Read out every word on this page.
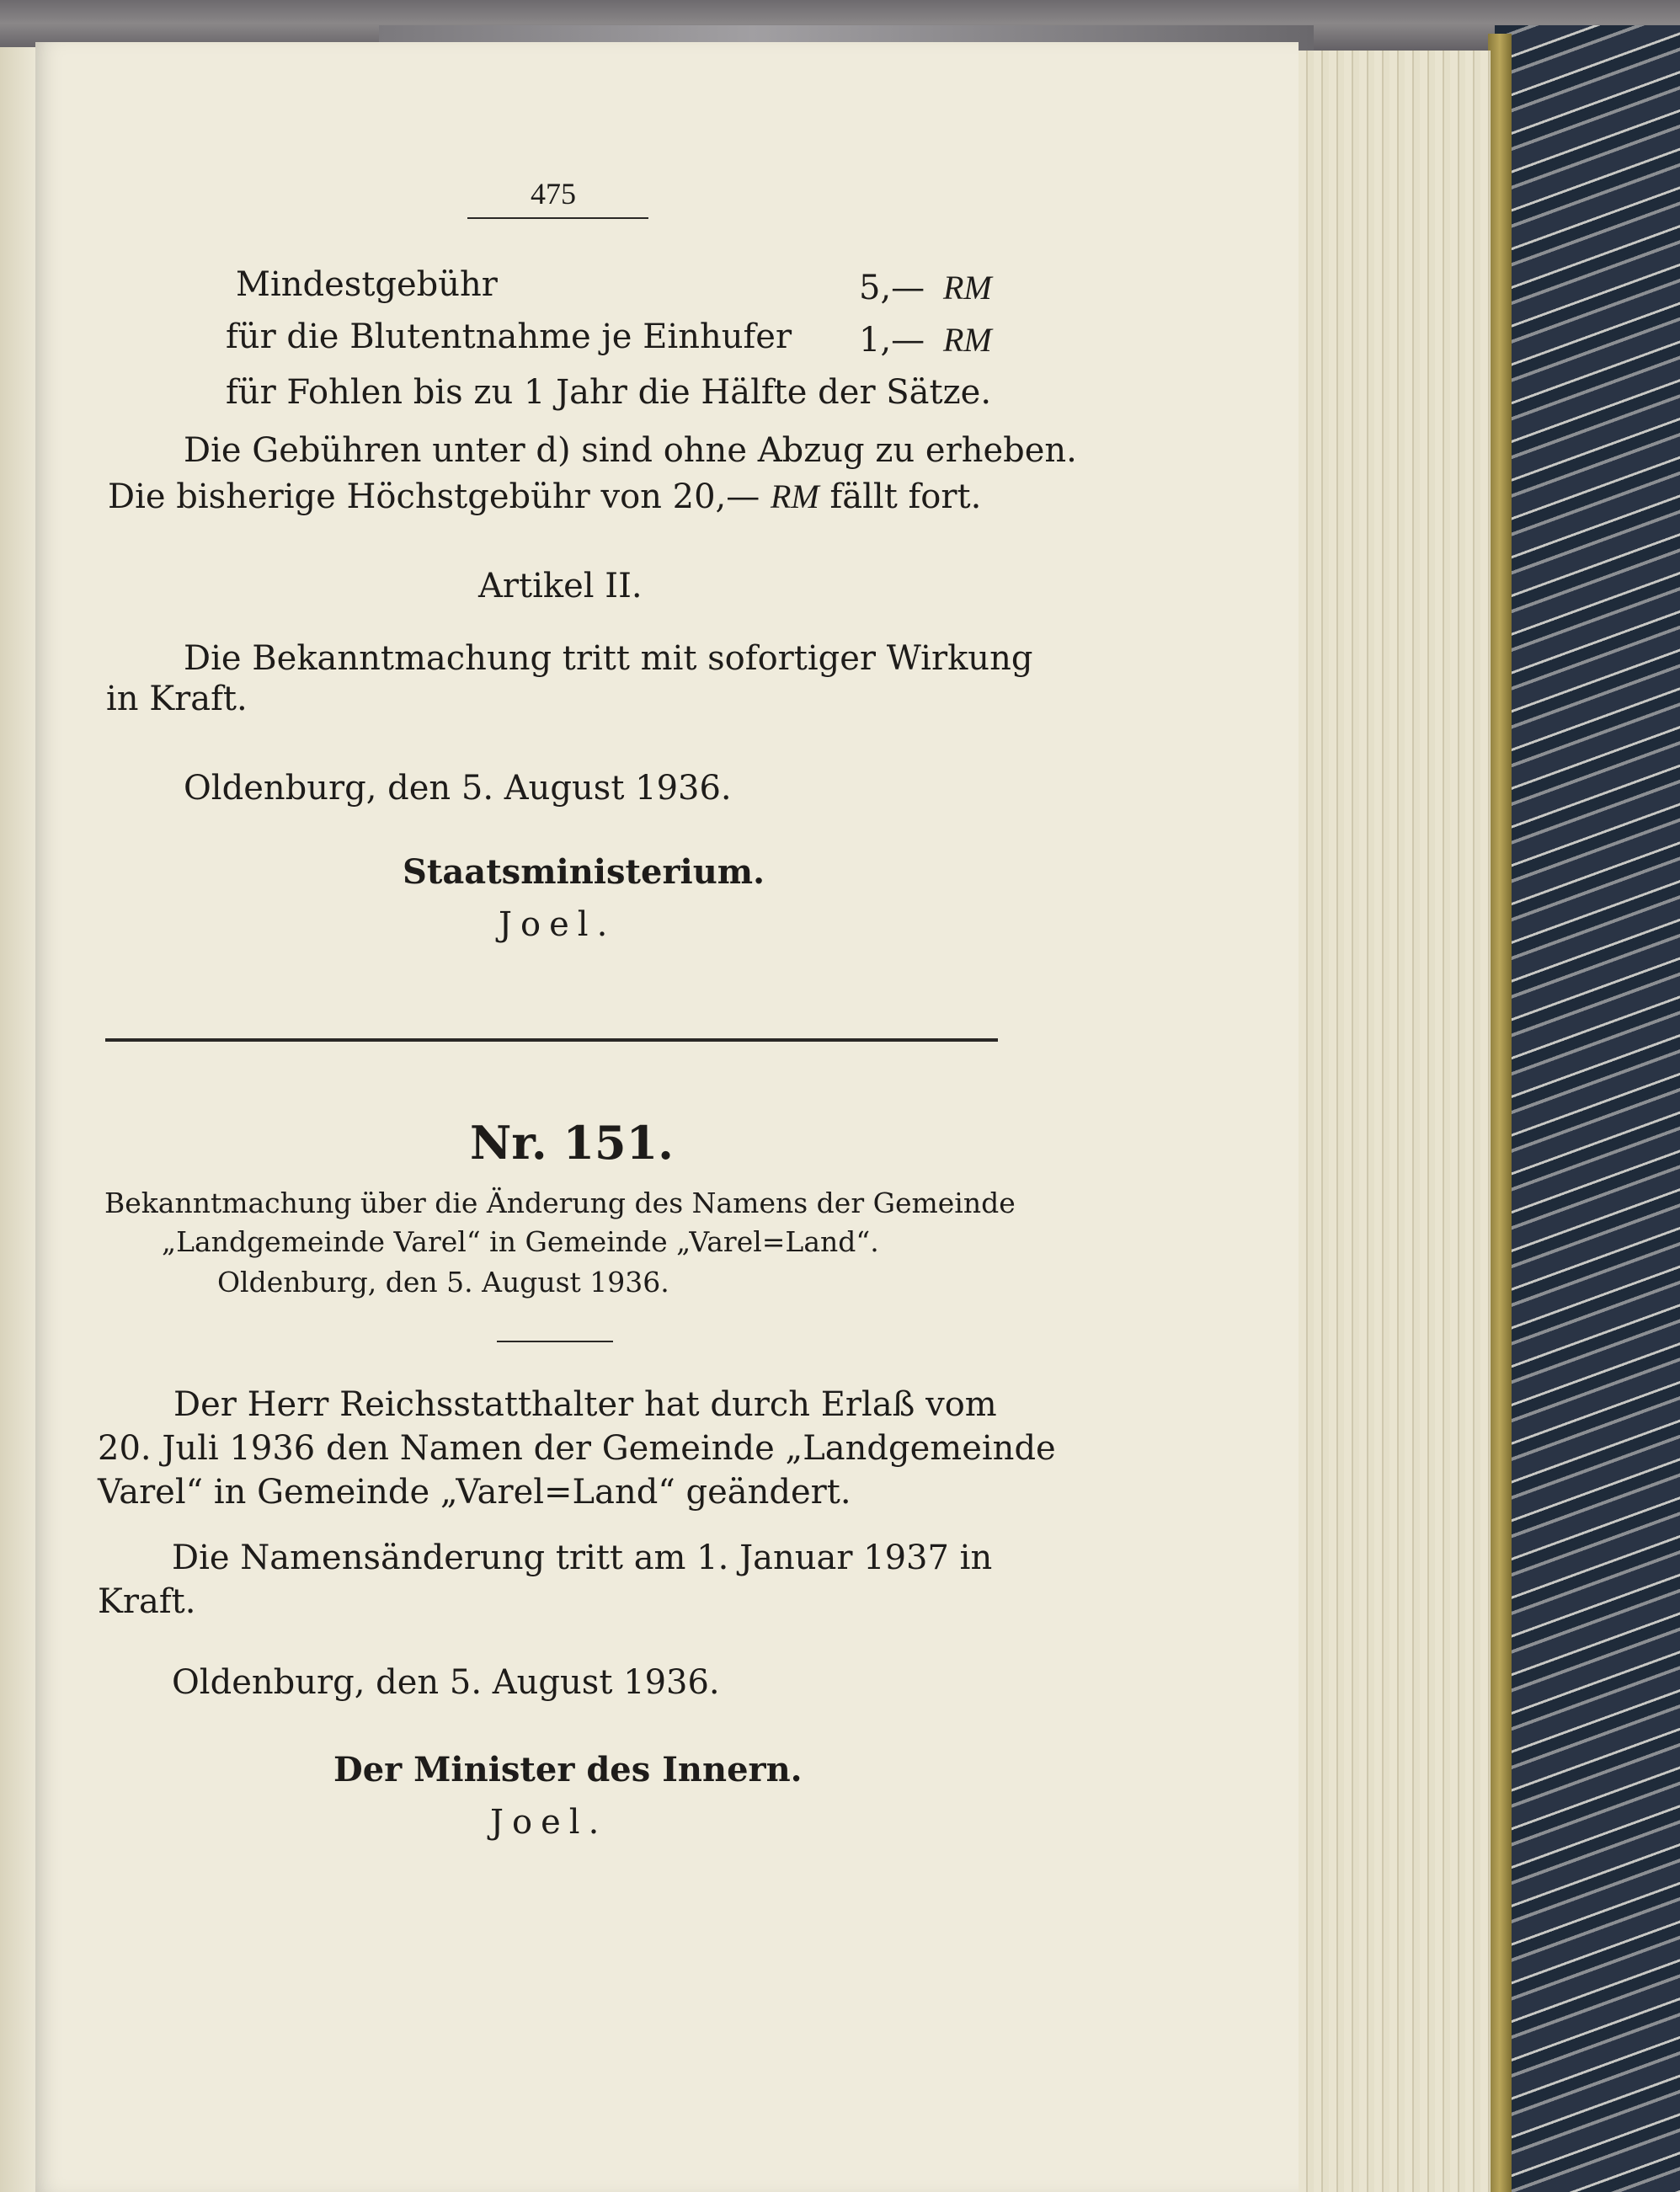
475
Mindestgebühr	5,— RM
für die Blutentnahme je Einhufer 1,— RM
für Fohlen bis zu 1 Jahr die Hälfte der Sätze.
Die Gebühren unter d) sind ohne Abzug zu erheben.
Die bisherige Höchstgebühr von 20,— RM fällt fort.
Artikel II.
Die Bekanntmachung tritt mit sofortiger Wirkung
in Kraft.
Oldenburg, den 5. August 1936.
Staatsministerium.
Joel.
Nr. 151.
Bekanntmachung über die Änderung des Namens der Gemeinde
„Landgemeinde Varel“ in Gemeinde „Varel=Land“.
Oldenburg, den 5. August 1936.
Der Herr Reichsstatthalter hat durch Erlaß vom
20. Juli 1936 den Namen der Gemeinde „Landgemeinde
Varel“ in Gemeinde „Varel=Land“ geändert.
Die Namensänderung tritt am 1. Januar 1937 in
Kraft.
Oldenburg, den 5. August 1936.
Der Minister des Innern.
Joel.
